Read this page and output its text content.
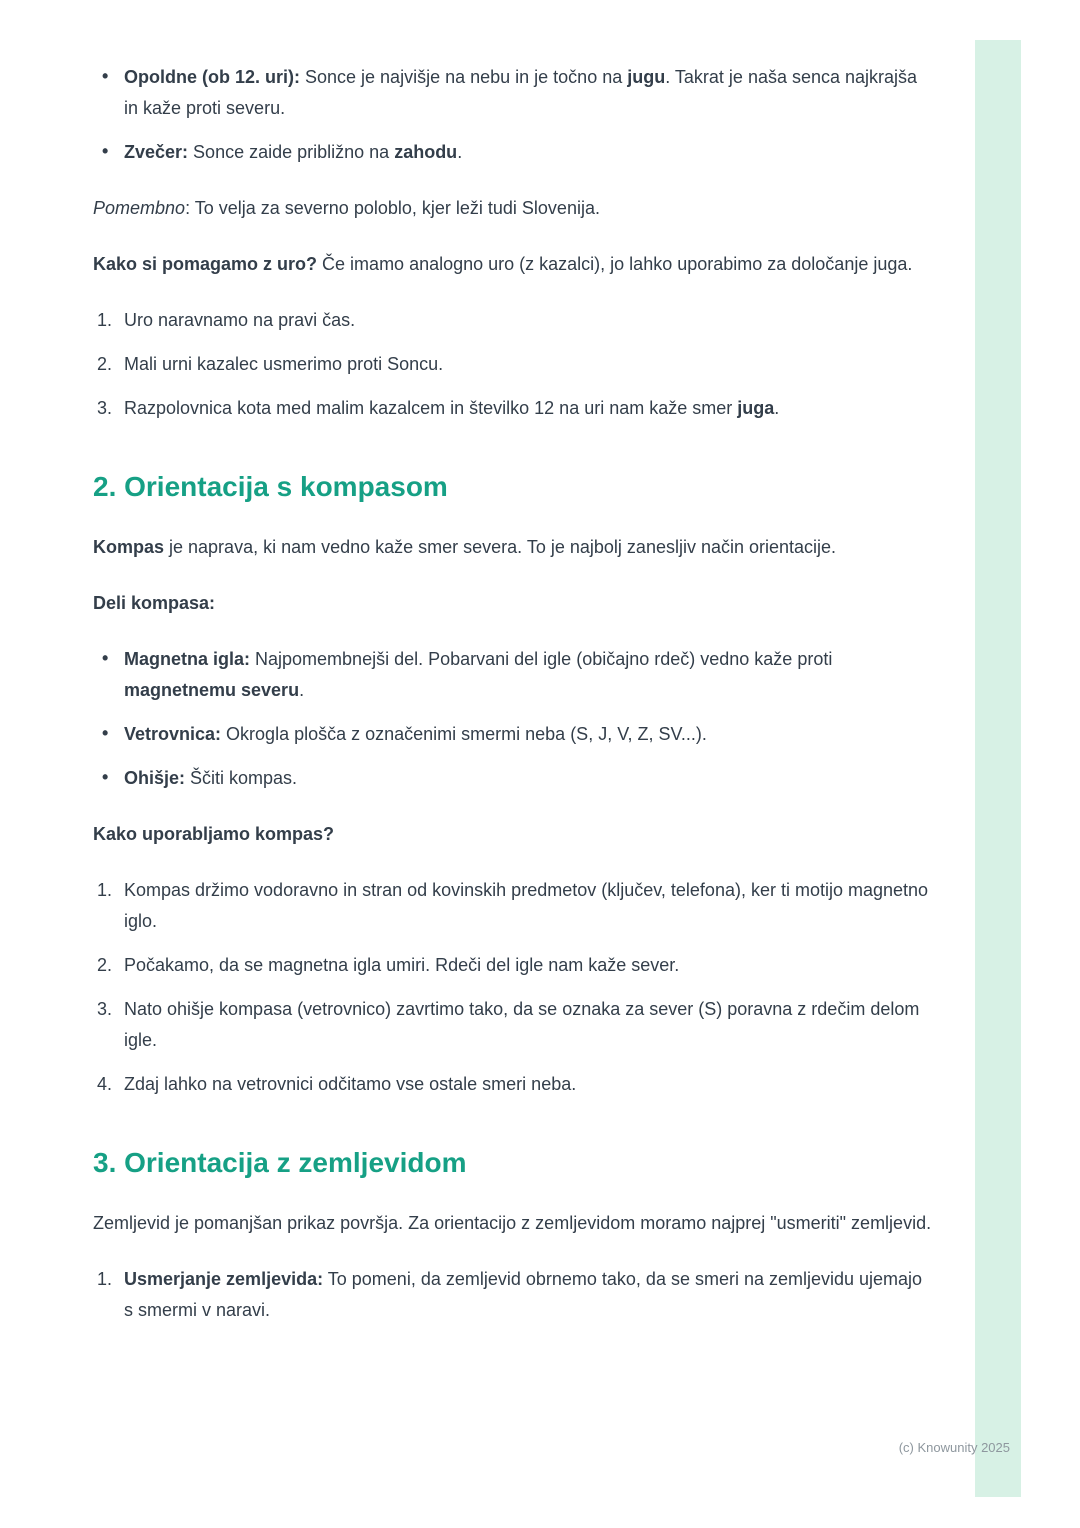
• Opoldne (ob 12. uri): Sonce je najvišje na nebu in je točno na jugu. Takrat je naša senca najkrajša in kaže proti severu.
• Zvečer: Sonce zaide približno na zahodu.
Pomembno: To velja za severno poloblo, kjer leži tudi Slovenija.
Kako si pomagamo z uro? Če imamo analogno uro (z kazalci), jo lahko uporabimo za določanje juga.
1. Uro naravnamo na pravi čas.
2. Mali urni kazalec usmerimo proti Soncu.
3. Razpolovnica kota med malim kazalcem in številko 12 na uri nam kaže smer juga.
2. Orientacija s kompasom
Kompas je naprava, ki nam vedno kaže smer severa. To je najbolj zanesljiv način orientacije.
Deli kompasa:
• Magnetna igla: Najpomembnejši del. Pobarvani del igle (običajno rdeč) vedno kaže proti magnetnemu severu.
• Vetrovnica: Okrogla plošča z označenimi smermi neba (S, J, V, Z, SV...).
• Ohišje: Ščiti kompas.
Kako uporabljamo kompas?
1. Kompas držimo vodoravno in stran od kovinskih predmetov (ključev, telefona), ker ti motijo magnetno iglo.
2. Počakamo, da se magnetna igla umiri. Rdeči del igle nam kaže sever.
3. Nato ohišje kompasa (vetrovnico) zavrtimo tako, da se oznaka za sever (S) poravna z rdečim delom igle.
4. Zdaj lahko na vetrovnici odčitamo vse ostale smeri neba.
3. Orientacija z zemljevidom
Zemljevid je pomanjšan prikaz površja. Za orientacijo z zemljevidom moramo najprej "usmeriti" zemljevid.
1. Usmerjanje zemljevida: To pomeni, da zemljevid obrnemo tako, da se smeri na zemljevidu ujemajo s smermi v naravi.
(c) Knowunity 2025
